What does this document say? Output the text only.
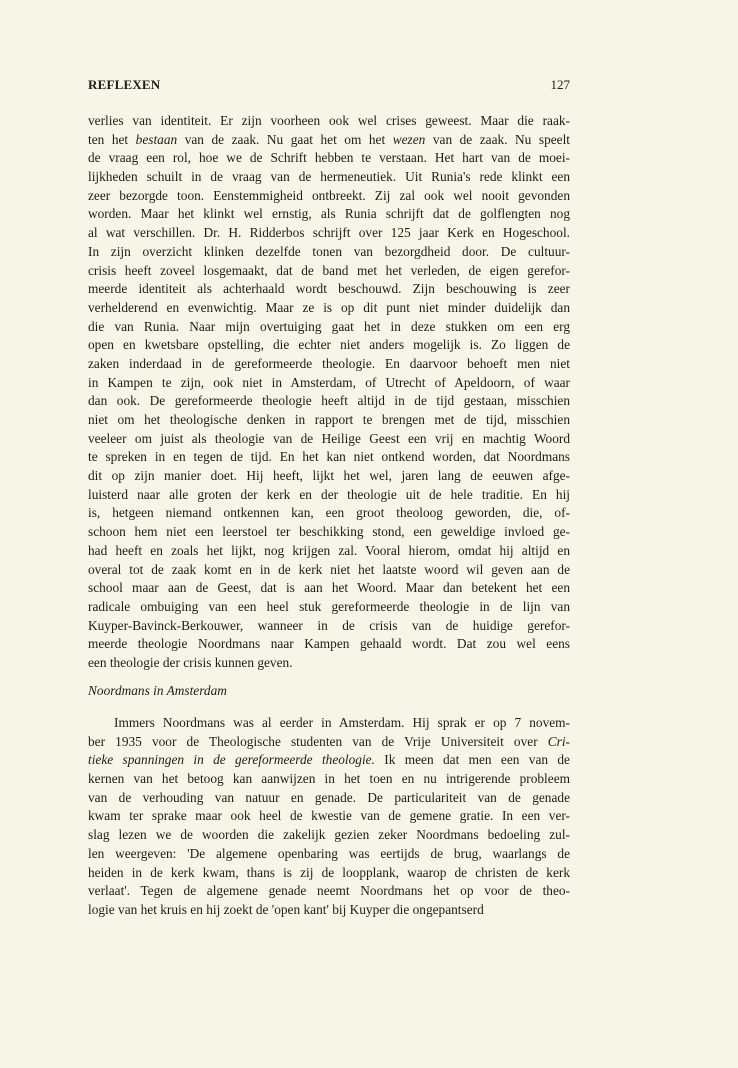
REFLEXEN	127
verlies van identiteit. Er zijn voorheen ook wel crises geweest. Maar die raak-
ten het bestaan van de zaak. Nu gaat het om het wezen van de zaak. Nu speelt
de vraag een rol, hoe we de Schrift hebben te verstaan. Het hart van de moei-
lijkheden schuilt in de vraag van de hermeneutiek. Uit Runia's rede klinkt een
zeer bezorgde toon. Eenstemmigheid ontbreekt. Zij zal ook wel nooit gevonden
worden. Maar het klinkt wel ernstig, als Runia schrijft dat de golflengten nog
al wat verschillen. Dr. H. Ridderbos schrijft over 125 jaar Kerk en Hogeschool.
In zijn overzicht klinken dezelfde tonen van bezorgdheid door. De cultuur-
crisis heeft zoveel losgemaakt, dat de band met het verleden, de eigen gerefor-
meerde identiteit als achterhaald wordt beschouwd. Zijn beschouwing is zeer
verhelderend en evenwichtig. Maar ze is op dit punt niet minder duidelijk dan
die van Runia. Naar mijn overtuiging gaat het in deze stukken om een erg
open en kwetsbare opstelling, die echter niet anders mogelijk is. Zo liggen de
zaken inderdaad in de gereformeerde theologie. En daarvoor behoeft men niet
in Kampen te zijn, ook niet in Amsterdam, of Utrecht of Apeldoorn, of waar
dan ook. De gereformeerde theologie heeft altijd in de tijd gestaan, misschien
niet om het theologische denken in rapport te brengen met de tijd, misschien
veeleer om juist als theologie van de Heilige Geest een vrij en machtig Woord
te spreken in en tegen de tijd. En het kan niet ontkend worden, dat Noordmans
dit op zijn manier doet. Hij heeft, lijkt het wel, jaren lang de eeuwen afge-
luisterd naar alle groten der kerk en der theologie uit de hele traditie. En hij
is, hetgeen niemand ontkennen kan, een groot theoloog geworden, die, of-
schoon hem niet een leerstoel ter beschikking stond, een geweldige invloed ge-
had heeft en zoals het lijkt, nog krijgen zal. Vooral hierom, omdat hij altijd en
overal tot de zaak komt en in de kerk niet het laatste woord wil geven aan de
school maar aan de Geest, dat is aan het Woord. Maar dan betekent het een
radicale ombuiging van een heel stuk gereformeerde theologie in de lijn van
Kuyper-Bavinck-Berkouwer, wanneer in de crisis van de huidige gerefor-
meerde theologie Noordmans naar Kampen gehaald wordt. Dat zou wel eens
een theologie der crisis kunnen geven.
Noordmans in Amsterdam
Immers Noordmans was al eerder in Amsterdam. Hij sprak er op 7 novem-
ber 1935 voor de Theologische studenten van de Vrije Universiteit over Cri-
tieke spanningen in de gereformeerde theologie. Ik meen dat men een van de
kernen van het betoog kan aanwijzen in het toen en nu intrigerende probleem
van de verhouding van natuur en genade. De particulariteit van de genade
kwam ter sprake maar ook heel de kwestie van de gemene gratie. In een ver-
slag lezen we de woorden die zakelijk gezien zeker Noordmans bedoeling zul-
len weergeven: 'De algemene openbaring was eertijds de brug, waarlangs de
heiden in de kerk kwam, thans is zij de loopplank, waarop de christen de kerk
verlaat'. Tegen de algemene genade neemt Noordmans het op voor de theo-
logie van het kruis en hij zoekt de 'open kant' bij Kuyper die ongepantserd
